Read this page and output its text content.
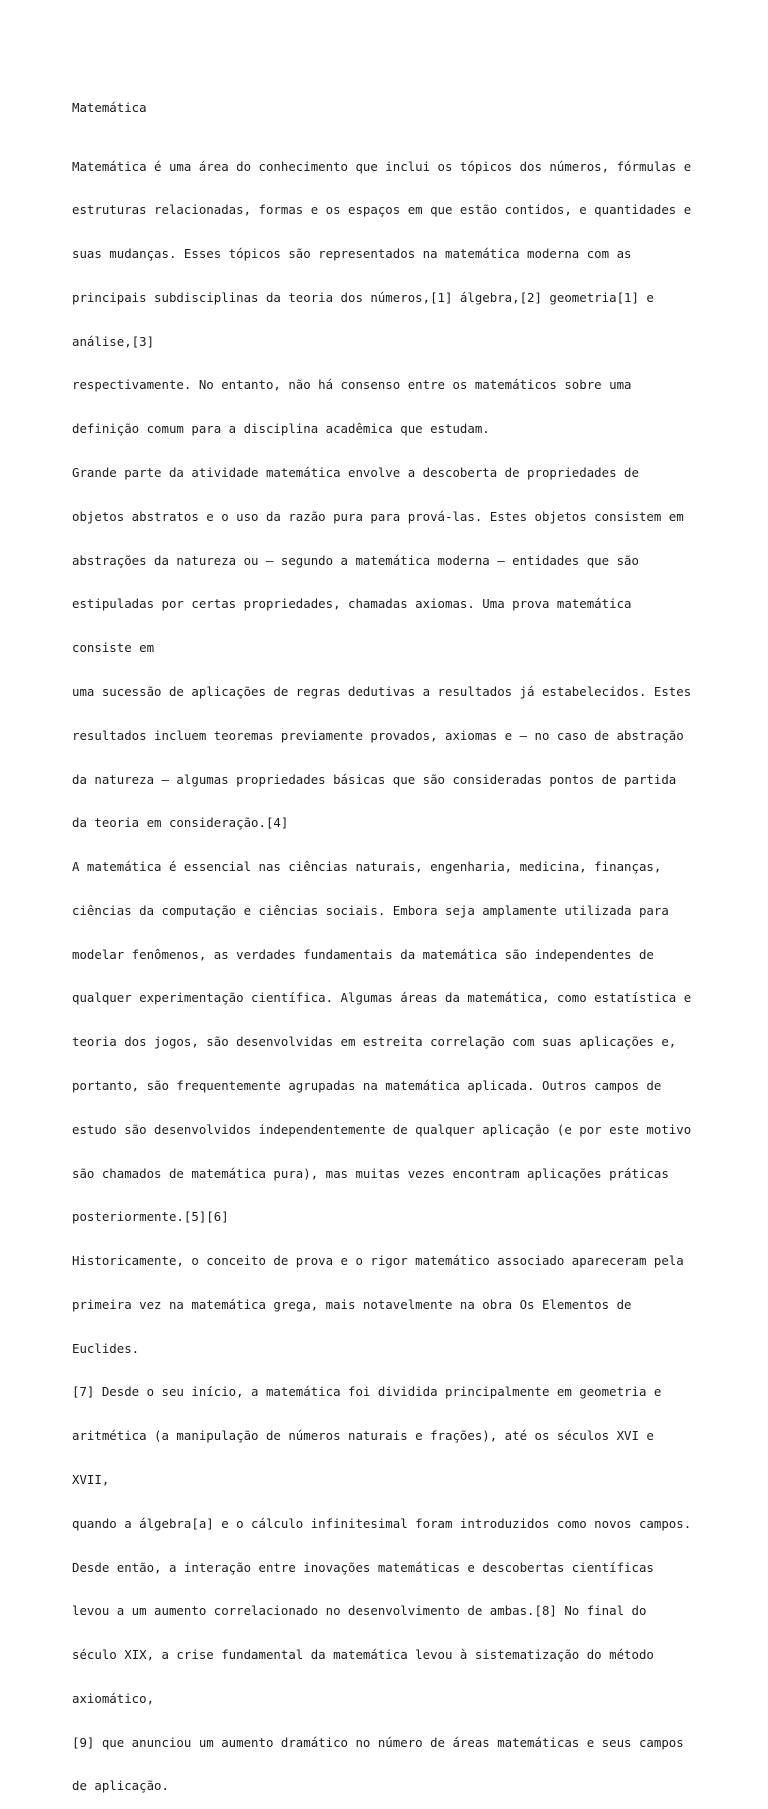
Matemática

Matemática é uma área do conhecimento que inclui os tópicos dos números, fórmulas e

estruturas relacionadas, formas e os espaços em que estão contidos, e quantidades e

suas mudanças. Esses tópicos são representados na matemática moderna com as

principais subdisciplinas da teoria dos números,[1] álgebra,[2] geometria[1] e

análise,[3]

respectivamente. No entanto, não há consenso entre os matemáticos sobre uma

definição comum para a disciplina acadêmica que estudam.

Grande parte da atividade matemática envolve a descoberta de propriedades de

objetos abstratos e o uso da razão pura para prová-las. Estes objetos consistem em

abstrações da natureza ou — segundo a matemática moderna — entidades que são

estipuladas por certas propriedades, chamadas axiomas. Uma prova matemática

consiste em

uma sucessão de aplicações de regras dedutivas a resultados já estabelecidos. Estes

resultados incluem teoremas previamente provados, axiomas e — no caso de abstração

da natureza — algumas propriedades básicas que são consideradas pontos de partida

da teoria em consideração.[4]

A matemática é essencial nas ciências naturais, engenharia, medicina, finanças,

ciências da computação e ciências sociais. Embora seja amplamente utilizada para

modelar fenômenos, as verdades fundamentais da matemática são independentes de

qualquer experimentação científica. Algumas áreas da matemática, como estatística e

teoria dos jogos, são desenvolvidas em estreita correlação com suas aplicações e,

portanto, são frequentemente agrupadas na matemática aplicada. Outros campos de

estudo são desenvolvidos independentemente de qualquer aplicação (e por este motivo

são chamados de matemática pura), mas muitas vezes encontram aplicações práticas

posteriormente.[5][6]

Historicamente, o conceito de prova e o rigor matemático associado apareceram pela

primeira vez na matemática grega, mais notavelmente na obra Os Elementos de

Euclides.

[7] Desde o seu início, a matemática foi dividida principalmente em geometria e

aritmética (a manipulação de números naturais e frações), até os séculos XVI e

XVII,

quando a álgebra[a] e o cálculo infinitesimal foram introduzidos como novos campos.

Desde então, a interação entre inovações matemáticas e descobertas científicas

levou a um aumento correlacionado no desenvolvimento de ambas.[8] No final do

século XIX, a crise fundamental da matemática levou à sistematização do método

axiomático,

[9] que anunciou um aumento dramático no número de áreas matemáticas e seus campos

de aplicação.
